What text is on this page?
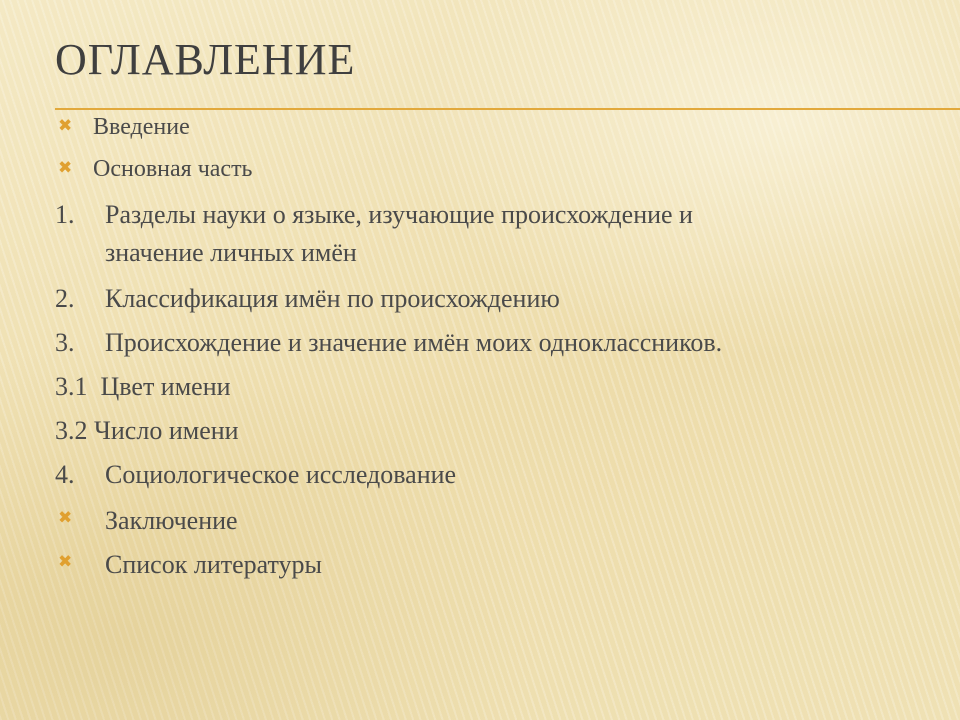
ОГЛАВЛЕНИЕ
✖ Введение
✖ Основная часть
1. Разделы науки о языке, изучающие происхождение и
значение личных имён
2. Классификация имён по происхождению
3. Происхождение и значение имён моих одноклассников.
3.1  Цвет имени
3.2 Число имени
4. Социологическое исследование
✖ Заключение
✖ Список литературы
